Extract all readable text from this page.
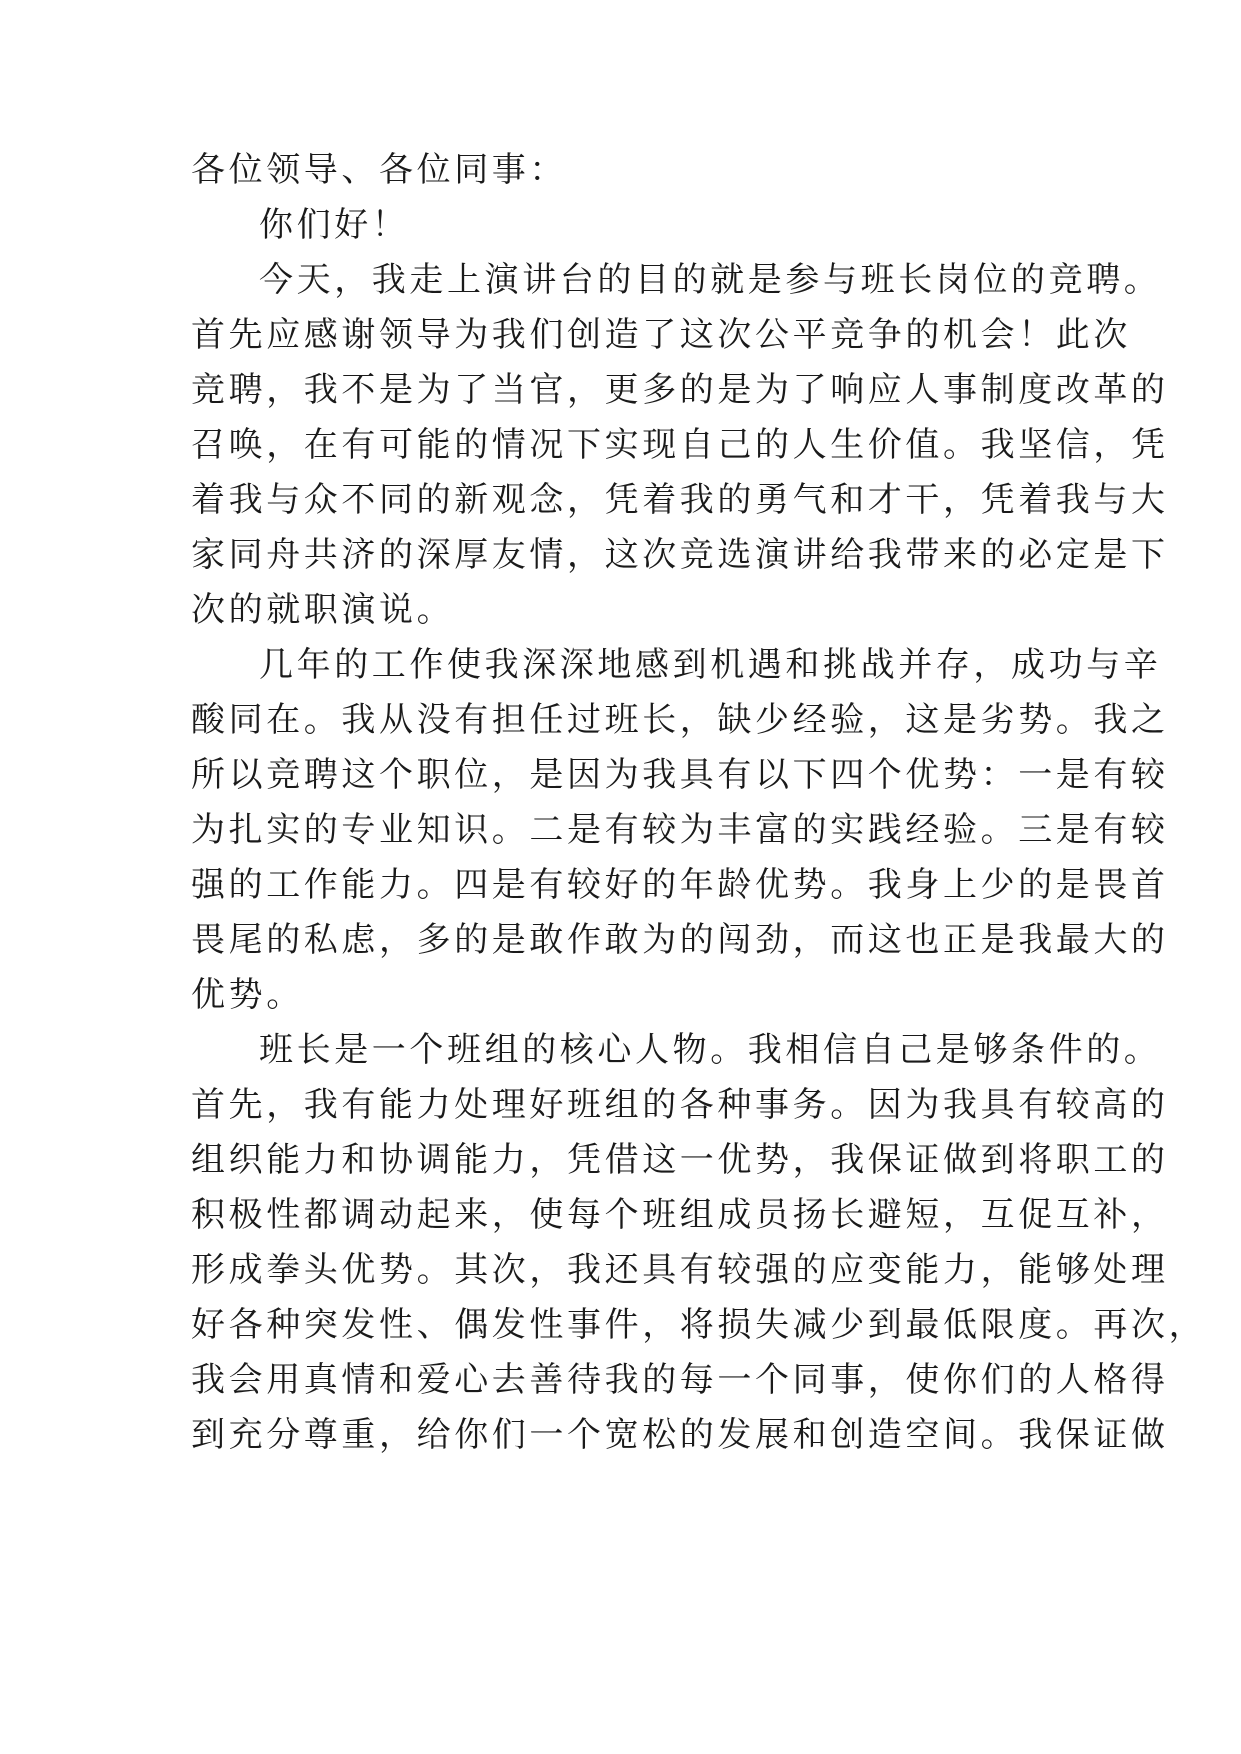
各位领导、各位同事：
你们好！
今天，我走上演讲台的目的就是参与班长岗位的竞聘。
首先应感谢领导为我们创造了这次公平竞争的机会！此次
竞聘，我不是为了当官，更多的是为了响应人事制度改革的
召唤，在有可能的情况下实现自己的人生价值。我坚信，凭
着我与众不同的新观念，凭着我的勇气和才干，凭着我与大
家同舟共济的深厚友情，这次竞选演讲给我带来的必定是下
次的就职演说。
几年的工作使我深深地感到机遇和挑战并存，成功与辛
酸同在。我从没有担任过班长，缺少经验，这是劣势。我之
所以竞聘这个职位，是因为我具有以下四个优势：一是有较
为扎实的专业知识。二是有较为丰富的实践经验。三是有较
强的工作能力。四是有较好的年龄优势。我身上少的是畏首
畏尾的私虑，多的是敢作敢为的闯劲，而这也正是我最大的
优势。
班长是一个班组的核心人物。我相信自己是够条件的。
首先，我有能力处理好班组的各种事务。因为我具有较高的
组织能力和协调能力，凭借这一优势，我保证做到将职工的
积极性都调动起来，使每个班组成员扬长避短，互促互补，
形成拳头优势。其次，我还具有较强的应变能力，能够处理
好各种突发性、偶发性事件，将损失减少到最低限度。再次，
我会用真情和爱心去善待我的每一个同事，使你们的人格得
到充分尊重，给你们一个宽松的发展和创造空间。我保证做
